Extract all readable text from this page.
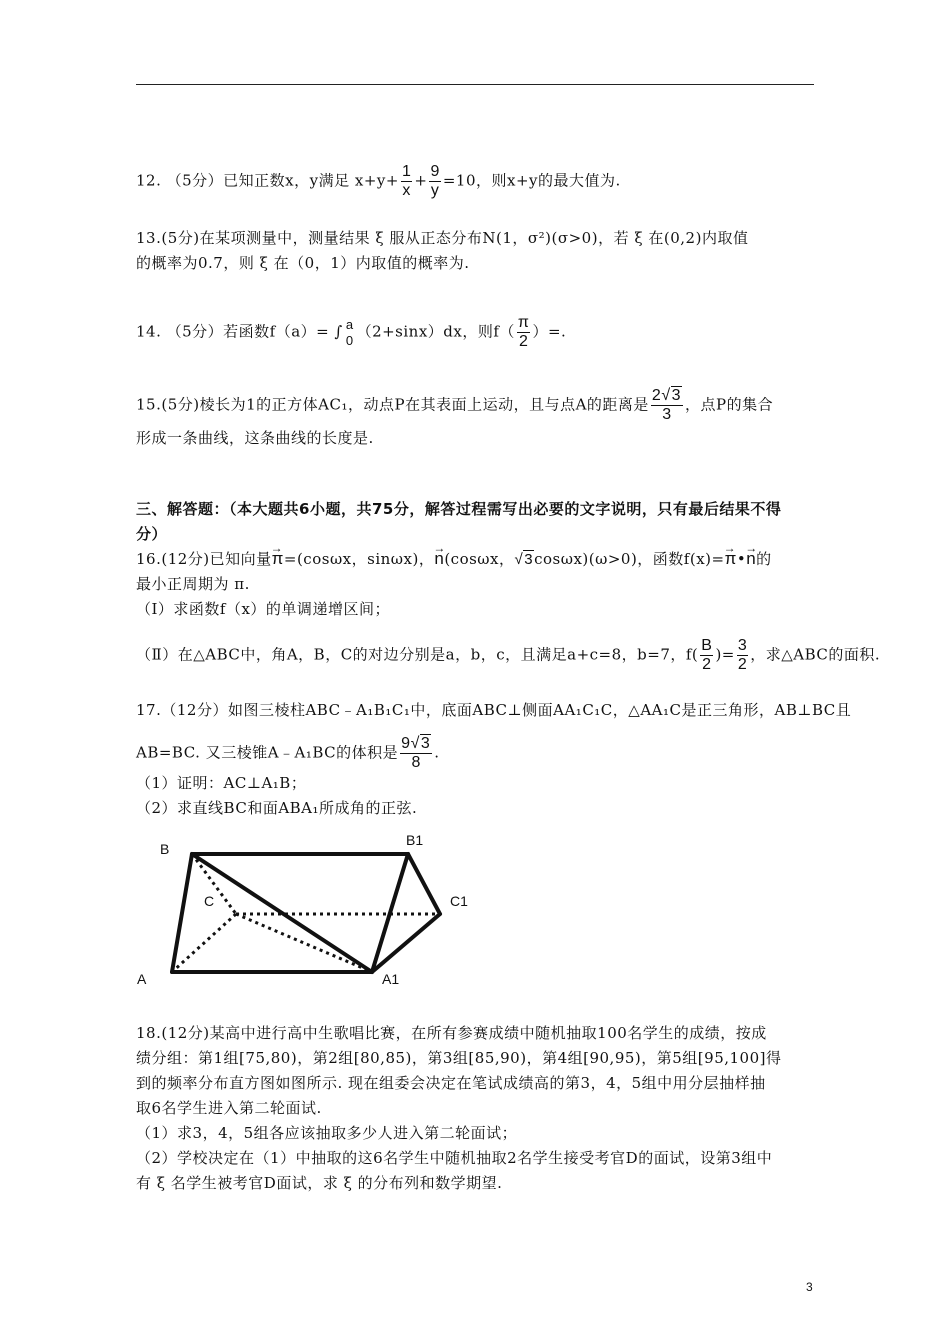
12. （5分）已知正数x，y满足 $x+y+ \frac{1}{x} + \frac{9}{y} =10$，则x+y的最大值为.
13.(5分)在某项测量中，测量结果 ξ 服从正态分布N(1，σ²)(σ>0)，若 ξ 在(0,2)内取值
的概率为0.7，则 ξ 在（0，1）内取值的概率为.
14. （5分）若函数f（a）= ∫ a
0 （2+sinx）dx，则$f( \frac{\pi}{2}$ ）=.
15.(5分)棱长为1的正方体AC₁，动点P在其表面上运动，且与点A的距离是 $\frac{2√3}{3}$ ，点P的集合
形成一条曲线，这条曲线的长度是.
三、解答题：（本大题共6小题，共75分，解答过程需写出必要的文字说明，只有最后结果不得
分）
16.(12分)已知向量→ π=(cosωx，sinωx)，→ n(cosωx，√3cosωx)(ω>0)，函数f(x)=→ π•→ n的
最小正周期为 π.
（Ⅰ）求函数f（x）的单调递增区间；
（Ⅱ）在△ABC中，角A，B，C的对边分别是a，b，c，且满足a+c=8，b=7，$f( \frac{B}{2}$ )= $\frac{3}{2}$ ，求△ABC的面积.
17.（12分）如图三棱柱ABC﹣A₁B₁C₁中，底面ABC⊥侧面AA₁C₁C，△AA₁C是正三角形，AB⊥BC且
AB=BC. 又三棱锥A﹣A₁BC的体积是 $\frac{9√3}{8}$ .
（1）证明：AC⊥A₁B；
（2）求直线BC和面ABA₁所成角的正弦.
B
B1
C	C1
A	A1
18.(12分)某高中进行高中生歌唱比赛，在所有参赛成绩中随机抽取100名学生的成绩，按成
绩分组：第1组[75,80)，第2组[80,85)，第3组[85,90)，第4组[90,95)，第5组[95,100]得
到的频率分布直方图如图所示. 现在组委会决定在笔试成绩高的第3，4，5组中用分层抽样抽
取6名学生进入第二轮面试.
（1）求3，4，5组各应该抽取多少人进入第二轮面试；
（2）学校决定在（1）中抽取的这6名学生中随机抽取2名学生接受考官D的面试，设第3组中
有 ξ 名学生被考官D面试，求 ξ 的分布列和数学期望.
3
